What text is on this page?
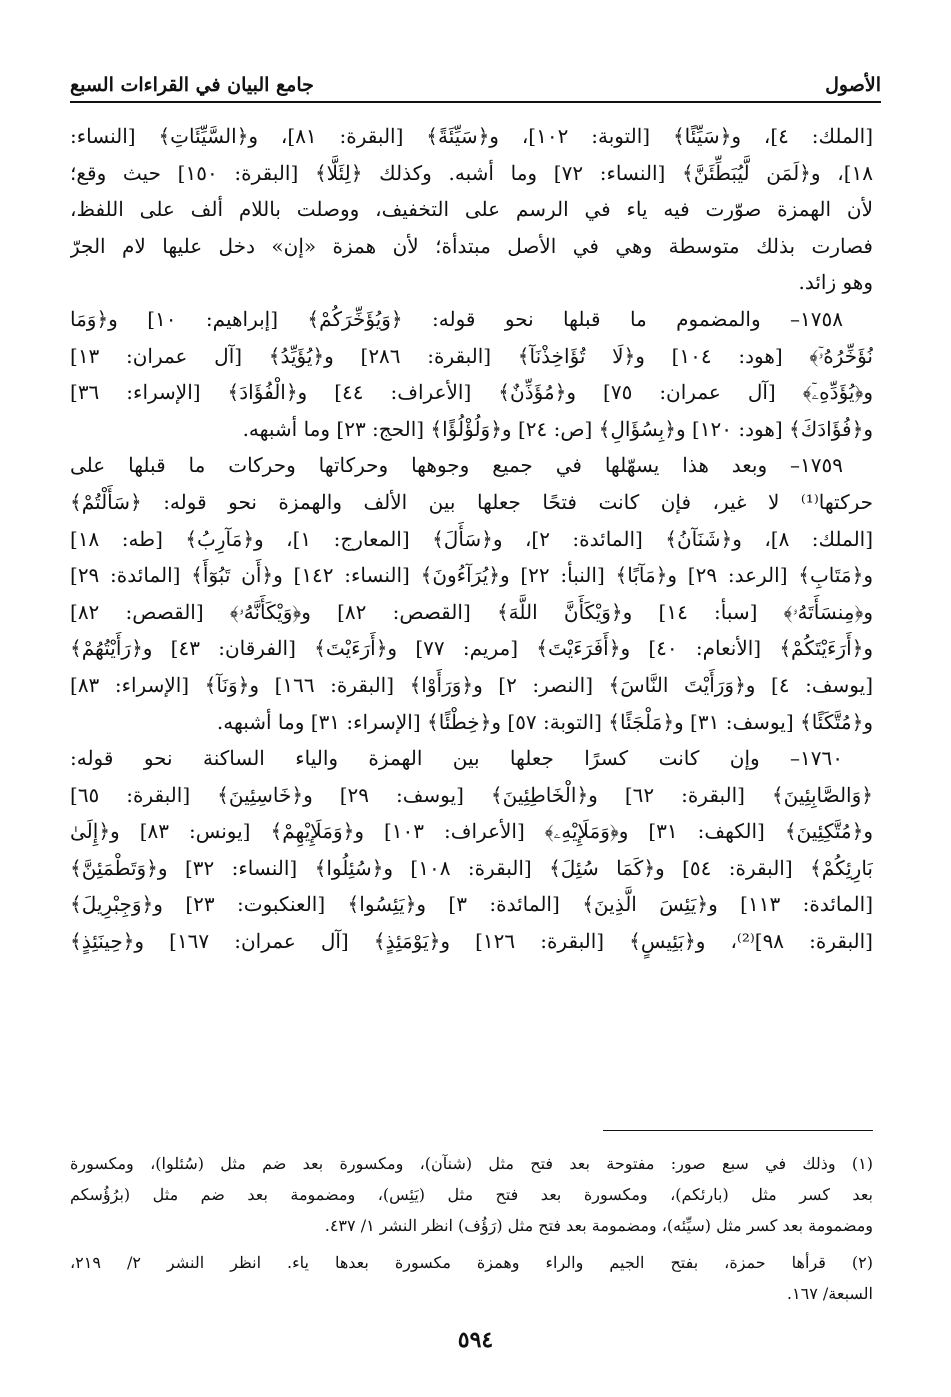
الأصول
جامع البيان في القراءات السبع
[الملك: ٤]، و﴿سَيِّئًا﴾ [التوبة: ١٠٢]، و﴿سَيِّئَةً﴾ [البقرة: ٨١]، و﴿السَّيِّئَاتِ﴾ [النساء:
١٨]، و﴿لَمَن لَّيُبَطِّئَنَّ﴾ [النساء: ٧٢] وما أشبه. وكذلك ﴿لِئَلَّا﴾ [البقرة: ١٥٠] حيث وقع؛
لأن الهمزة صوّرت فيه ياء في الرسم على التخفيف، ووصلت باللام ألف على اللفظ،
فصارت بذلك متوسطة وهي في الأصل مبتدأة؛ لأن همزة «إن» دخل عليها لام الجرّ
وهو زائد.
١٧٥٨– والمضموم ما قبلها نحو قوله: ﴿وَيُؤَخِّرَكُمْ﴾ [إبراهيم: ١٠] و﴿وَمَا
نُؤَخِّرُهُۥٓ﴾ [هود: ١٠٤] و﴿لَا تُؤَاخِذْنَآ﴾ [البقرة: ٢٨٦] و﴿يُؤَيِّدُ﴾ [آل عمران: ١٣]
و﴿يُؤَدِّهِۦٓ﴾ [آل عمران: ٧٥] و﴿مُؤَذِّنٌ﴾ [الأعراف: ٤٤] و﴿الْفُؤَادَ﴾ [الإسراء: ٣٦]
و﴿فُؤَادَكَ﴾ [هود: ١٢٠] و﴿بِسُؤَالِ﴾ [ص: ٢٤] و﴿وَلُؤْلُؤًا﴾ [الحج: ٢٣] وما أشبهه.
١٧٥٩– وبعد هذا يسهّلها في جميع وجوهها وحركاتها وحركات ما قبلها على
حركتها⁽¹⁾ لا غير، فإن كانت فتحًا جعلها بين الألف والهمزة نحو قوله: ﴿سَأَلْتُمْ﴾
[الملك: ٨]، و﴿شَنَآنُ﴾ [المائدة: ٢]، و﴿سَأَلَ﴾ [المعارج: ١]، و﴿مَآرِبُ﴾ [طه: ١٨]
و﴿مَتَابِ﴾ [الرعد: ٢٩] و﴿مَآبًا﴾ [النبأ: ٢٢] و﴿يُرَآءُونَ﴾ [النساء: ١٤٢] و﴿أَن تَبُوٓأَ﴾ [المائدة: ٢٩]
و﴿مِنسَأَتَهُۥ﴾ [سبأ: ١٤] و﴿وَيْكَأَنَّ اللَّهَ﴾ [القصص: ٨٢] و﴿وَيْكَأَنَّهُۥ﴾ [القصص: ٨٢]
و﴿أَرَءَيْتَكُمْ﴾ [الأنعام: ٤٠] و﴿أَفَرَءَيْتَ﴾ [مريم: ٧٧] و﴿أَرَءَيْتَ﴾ [الفرقان: ٤٣] و﴿رَأَيْتُهُمْ﴾
[يوسف: ٤] و﴿وَرَأَيْتَ النَّاسَ﴾ [النصر: ٢] و﴿وَرَأَوْا﴾ [البقرة: ١٦٦] و﴿وَنَآ﴾ [الإسراء: ٨٣]
و﴿مُتَّكَئًا﴾ [يوسف: ٣١] و﴿مَلْجَئًا﴾ [التوبة: ٥٧] و﴿خِطْئًا﴾ [الإسراء: ٣١] وما أشبهه.
١٧٦٠– وإن كانت كسرًا جعلها بين الهمزة والياء الساكنة نحو قوله:
﴿وَالصَّابِئِينَ﴾ [البقرة: ٦٢] و﴿الْخَاطِئِينَ﴾ [يوسف: ٢٩] و﴿خَاسِئِينَ﴾ [البقرة: ٦٥]
و﴿مُتَّكِئِينَ﴾ [الكهف: ٣١] و﴿وَمَلَإِيْهِۦ﴾ [الأعراف: ١٠٣] و﴿وَمَلَإِيْهِمْ﴾ [يونس: ٨٣] و﴿إِلَىٰ
بَارِئِكُمْ﴾ [البقرة: ٥٤] و﴿كَمَا سُئِلَ﴾ [البقرة: ١٠٨] و﴿سُئِلُوا﴾ [النساء: ٣٢] و﴿وَتَطْمَئِنَّ﴾
[المائدة: ١١٣] و﴿يَئِسَ الَّذِينَ﴾ [المائدة: ٣] و﴿يَئِسُوا﴾ [العنكبوت: ٢٣] و﴿وَجِبْرِيلَ﴾
[البقرة: ٩٨]⁽²⁾، و﴿بَئِيسٍ﴾ [البقرة: ١٢٦] و﴿يَوْمَئِذٍ﴾ [آل عمران: ١٦٧] و﴿حِينَئِذٍ﴾
(١) وذلك في سبع صور: مفتوحة بعد فتح مثل (شنآن)، ومكسورة بعد ضم مثل (سُئلوا)، ومكسورة
بعد كسر مثل (بارئكم)، ومكسورة بعد فتح مثل (يَئِس)، ومضمومة بعد ضم مثل (برُؤُسكم
ومضمومة بعد كسر مثل (سيِّئه)، ومضمومة بعد فتح مثل (رَؤُف) انظر النشر ١/ ٤٣٧.
(٢) قرأها حمزة، بفتح الجيم والراء وهمزة مكسورة بعدها ياء. انظر النشر ٢/ ٢١٩،
السبعة/ ١٦٧.
٥٩٤
